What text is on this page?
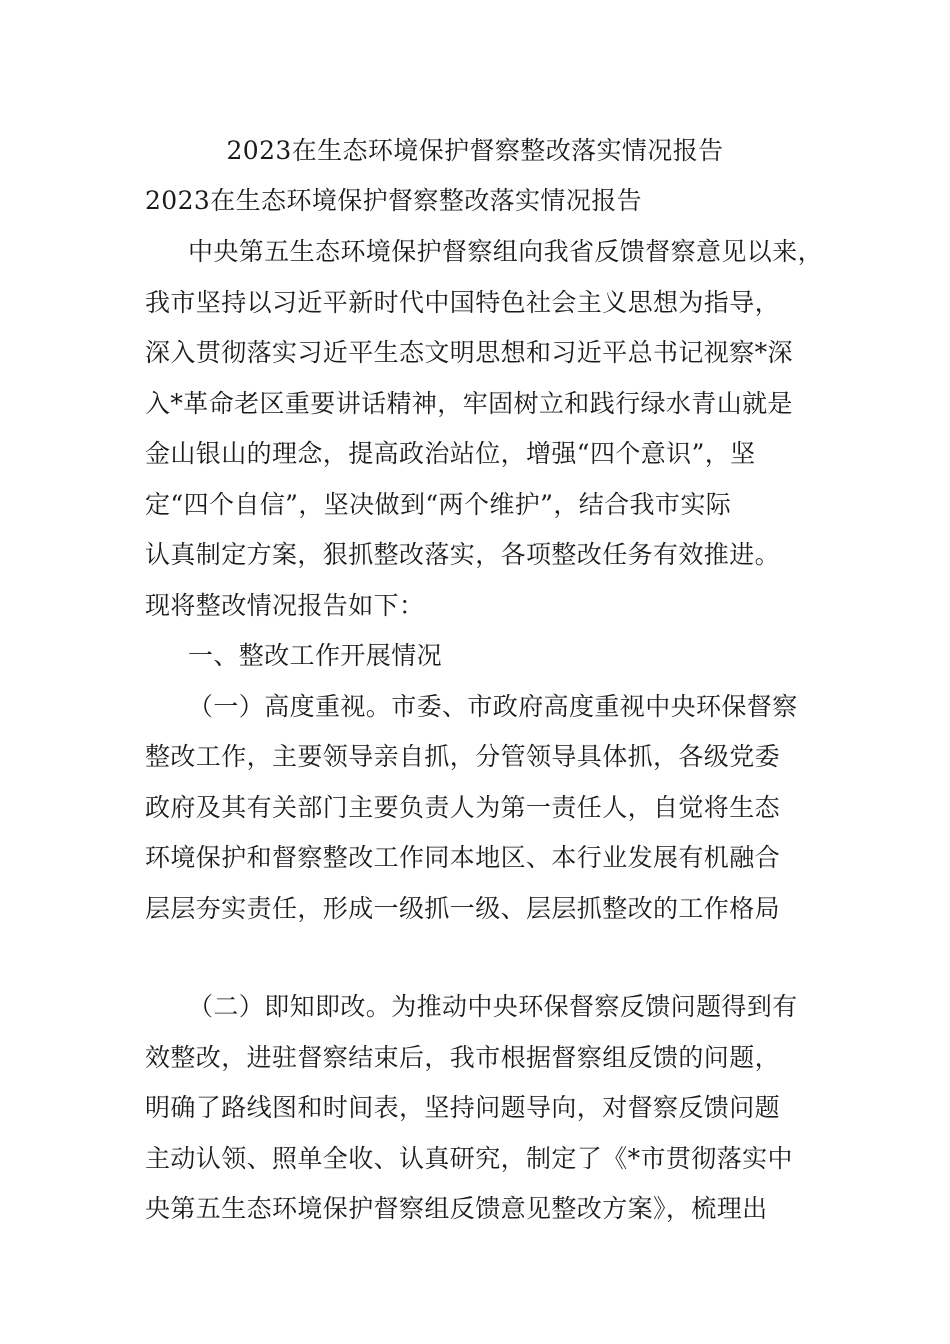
2023在生态环境保护督察整改落实情况报告
2023在生态环境保护督察整改落实情况报告
中央第五生态环境保护督察组向我省反馈督察意见以来，
我市坚持以习近平新时代中国特色社会主义思想为指导，
深入贯彻落实习近平生态文明思想和习近平总书记视察*深
入*革命老区重要讲话精神，牢固树立和践行绿水青山就是
金山银山的理念，提高政治站位，增强“四个意识”，坚
定“四个自信”，坚决做到“两个维护”，结合我市实际
认真制定方案，狠抓整改落实，各项整改任务有效推进。
现将整改情况报告如下：
一、整改工作开展情况
（一）高度重视。市委、市政府高度重视中央环保督察
整改工作，主要领导亲自抓，分管领导具体抓，各级党委
政府及其有关部门主要负责人为第一责任人，自觉将生态
环境保护和督察整改工作同本地区、本行业发展有机融合
层层夯实责任，形成一级抓一级、层层抓整改的工作格局
（二）即知即改。为推动中央环保督察反馈问题得到有
效整改，进驻督察结束后，我市根据督察组反馈的问题，
明确了路线图和时间表，坚持问题导向，对督察反馈问题
主动认领、照单全收、认真研究，制定了《*市贯彻落实中
央第五生态环境保护督察组反馈意见整改方案》，梳理出
